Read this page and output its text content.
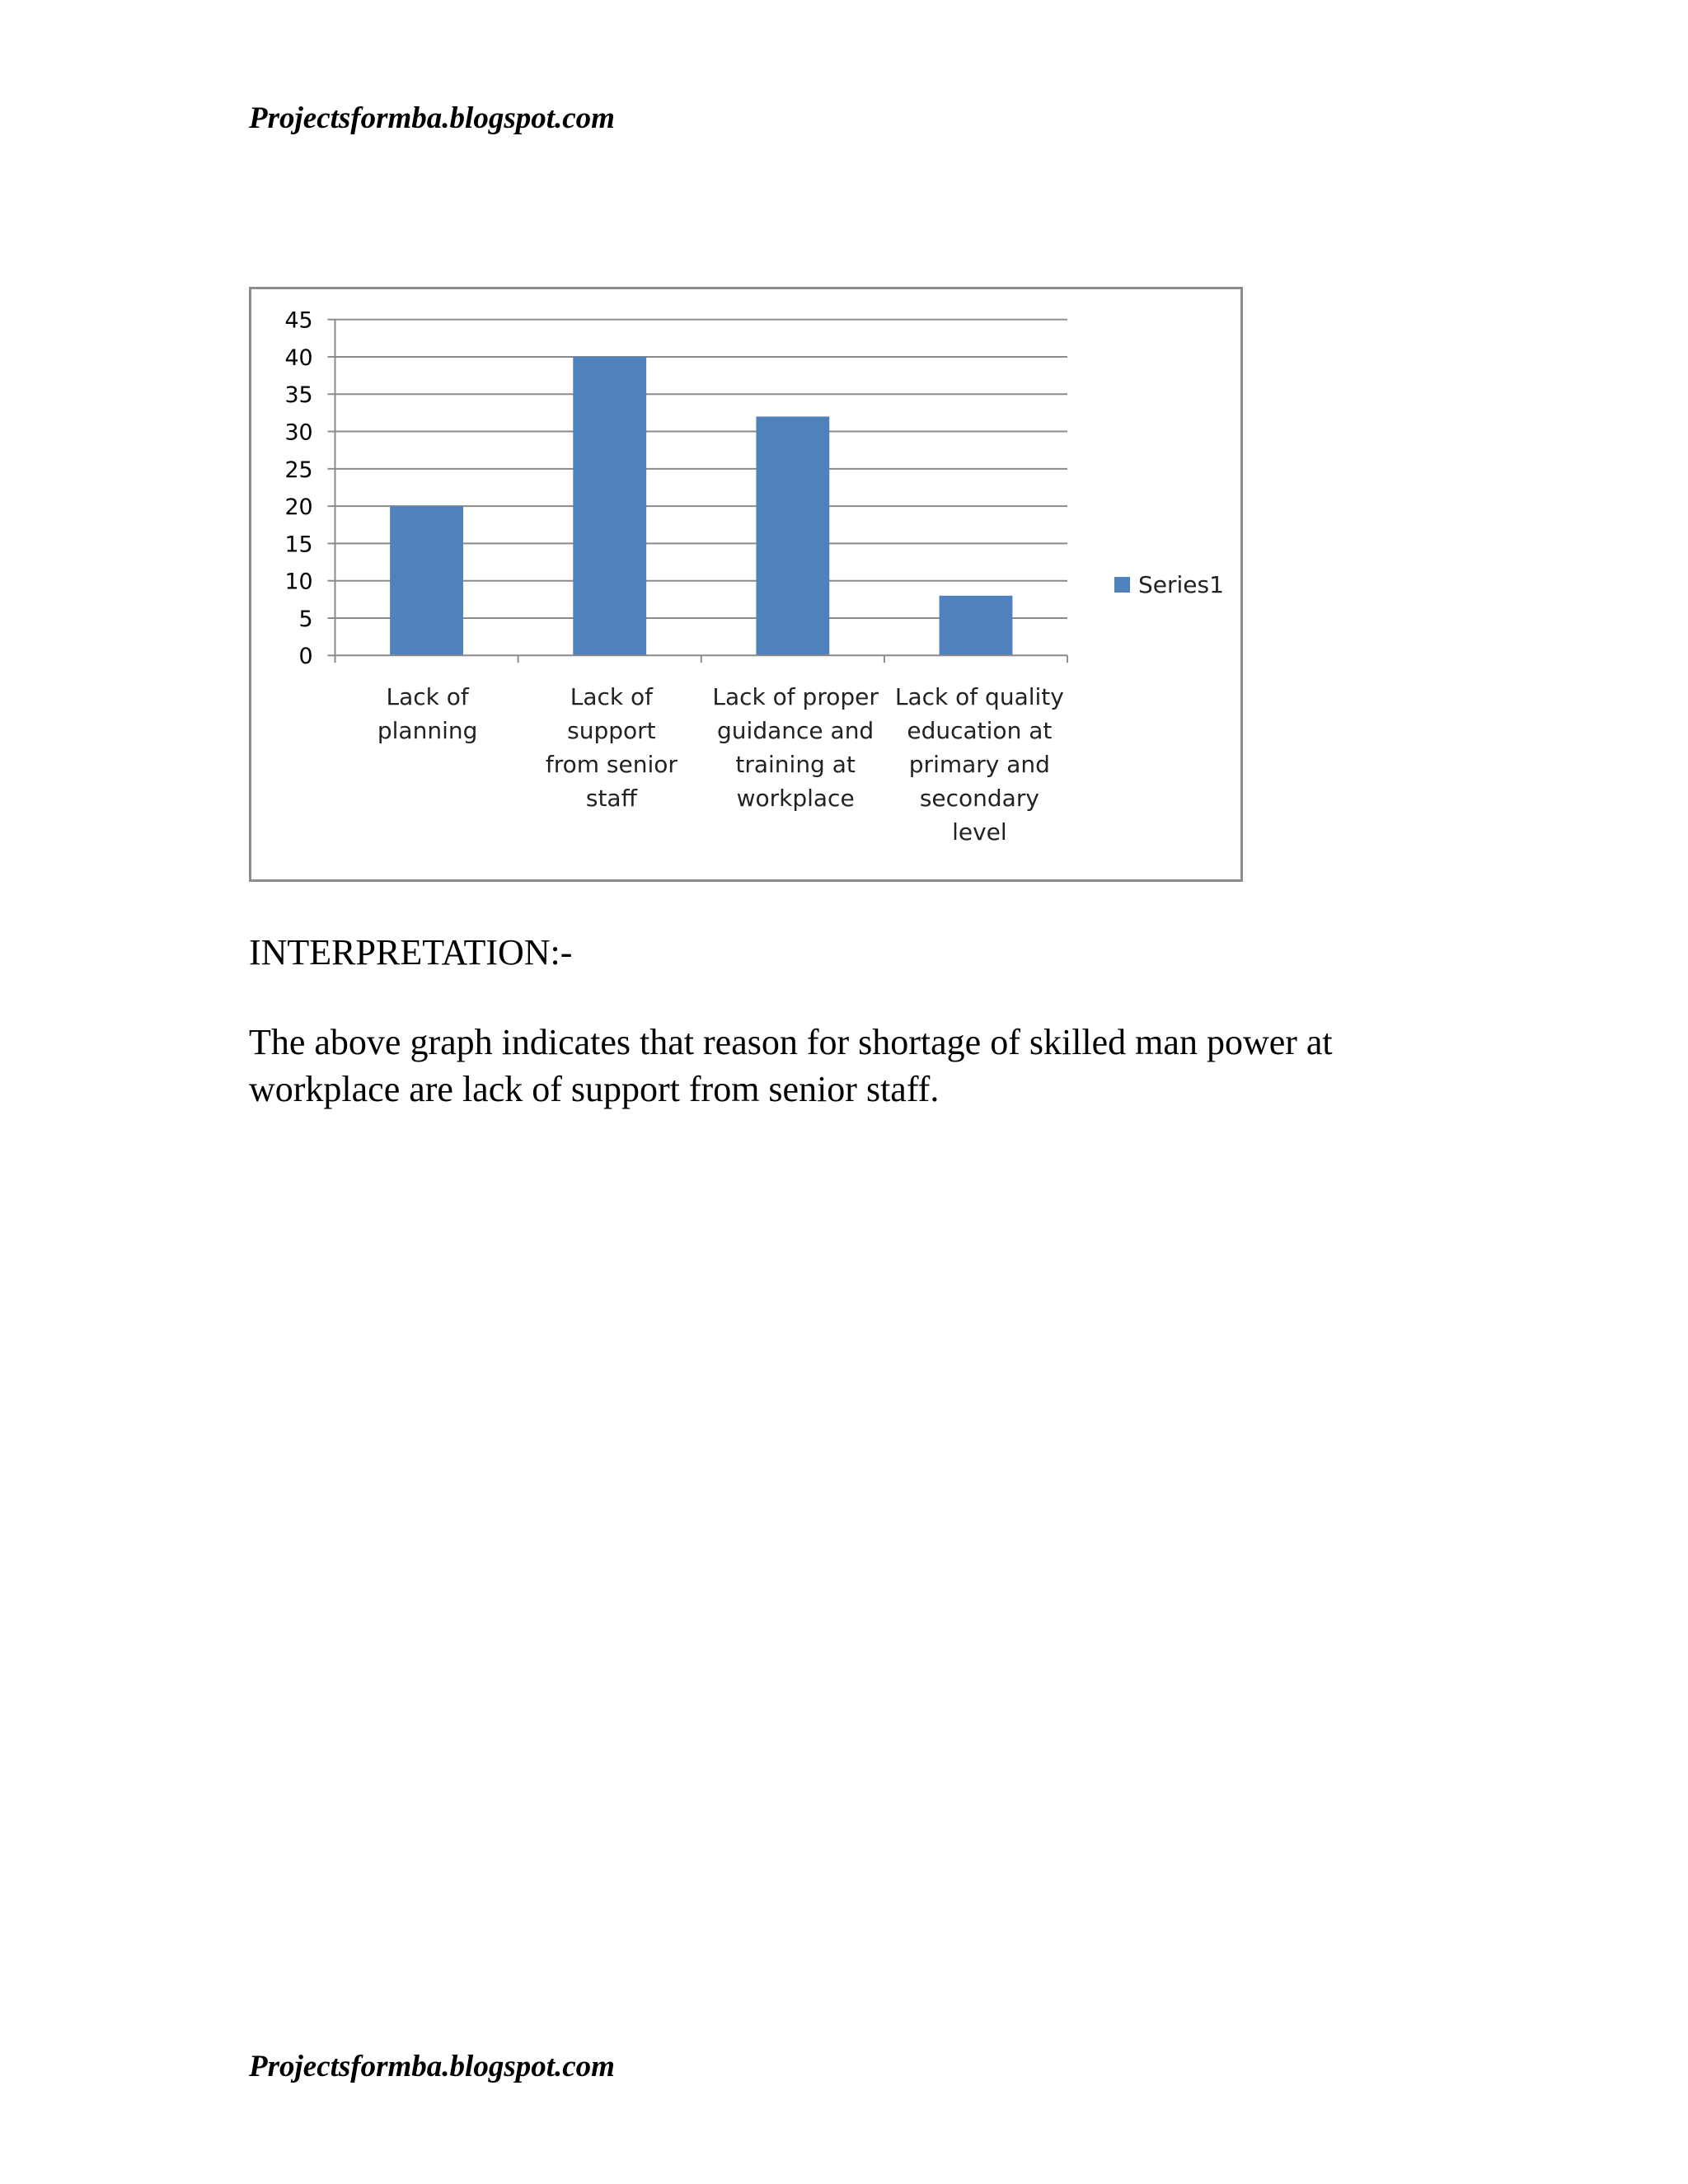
Projectsformba.blogspot.com
0
5
10
15
20
25
30
35
40
45
Lack of
planning
Lack of support
from senior
staff
Lack of proper
guidance and
training at
workplace
Lack of quality
education at
primary and
secondary
level
Series1
INTERPRETATION:-
The above graph indicates that reason for shortage of skilled man power at workplace are lack of support from senior staff.
Projectsformba.blogspot.com
